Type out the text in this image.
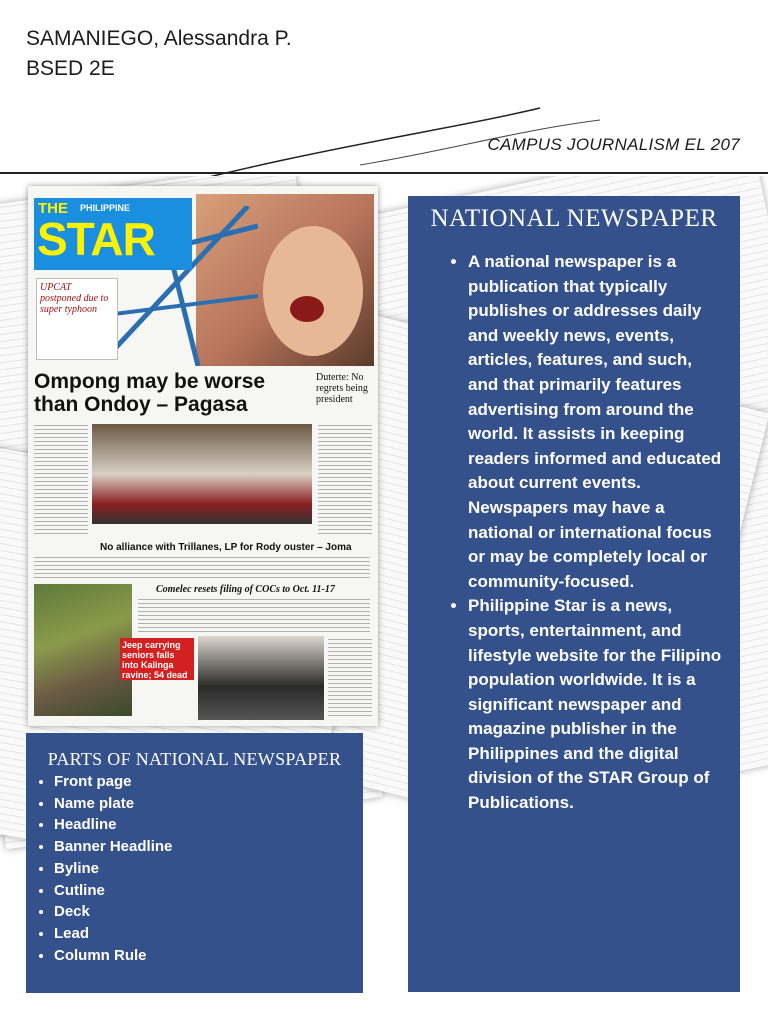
SAMANIEGO, Alessandra P.
BSED 2E
CAMPUS JOURNALISM EL 207
THE PHILIPPINE
STAR
UPCAT postponed due to super typhoon
Ompong may be worse than Ondoy – Pagasa
Duterte: No regrets being president
No alliance with Trillanes, LP for Rody ouster – Joma
Comelec resets filing of COCs to Oct. 11-17
Jeep carrying seniors falls into Kalinga ravine; 54 dead
NATIONAL NEWSPAPER
• A national newspaper is a publication that typically publishes or addresses daily and weekly news, events, articles, features, and such, and that primarily features advertising from around the world. It assists in keeping readers informed and educated about current events. Newspapers may have a national or international focus or may be completely local or community-focused.
• Philippine Star is a news, sports, entertainment, and lifestyle website for the Filipino population worldwide. It is a significant newspaper and magazine publisher in the Philippines and the digital division of the STAR Group of Publications.
PARTS OF NATIONAL NEWSPAPER
• Front page
• Name plate
• Headline
• Banner Headline
• Byline
• Cutline
• Deck
• Lead
• Column Rule
